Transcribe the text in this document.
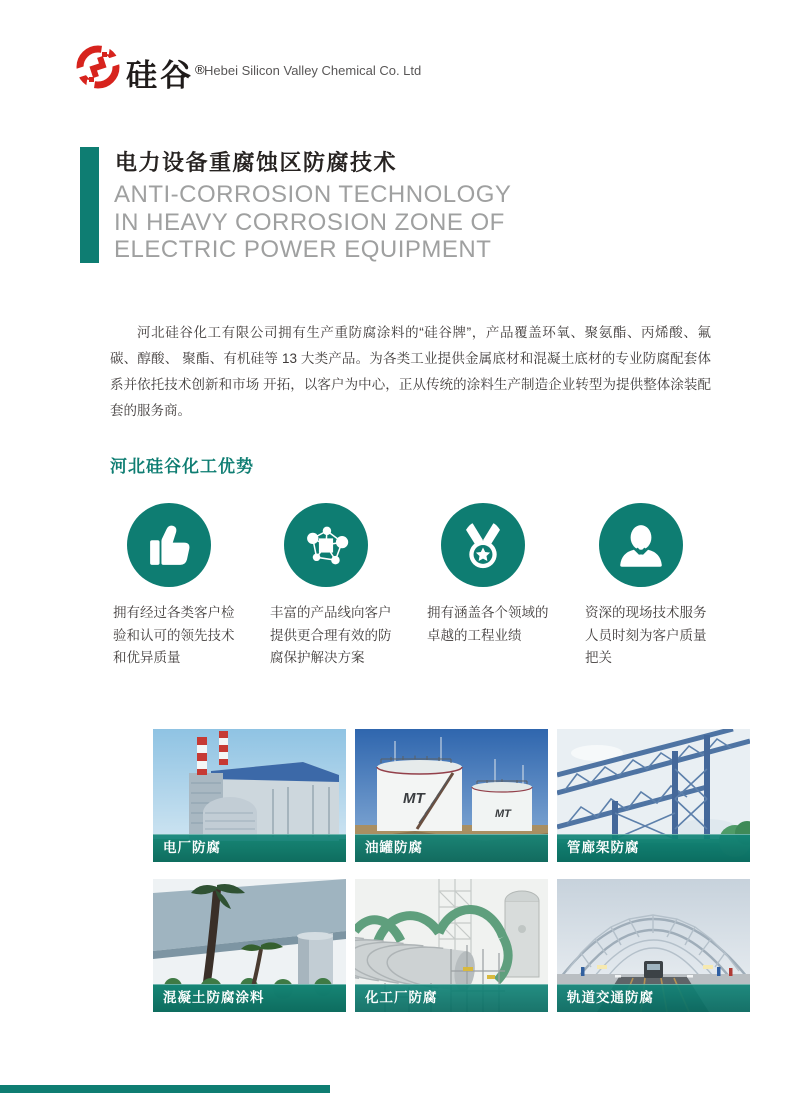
硅谷®
Hebei Silicon Valley Chemical Co. Ltd
电力设备重腐蚀区防腐技术
ANTI-CORROSION TECHNOLOGY
IN HEAVY CORROSION ZONE OF
ELECTRIC POWER EQUIPMENT

河北硅谷化工有限公司拥有生产重防腐涂料的“硅谷牌”，产品覆盖环氧、聚氨酯、丙烯酸、氟碳、醇酸、 聚酯、有机硅等 13 大类产品。为各类工业提供金属底材和混凝土底材的专业防腐配套体系并依托技术创新和市场 开拓，以客户为中心，正从传统的涂料生产制造企业转型为提供整体涂装配套的服务商。

河北硅谷化工优势
拥有经过各类客户检验和认可的领先技术和优异质量
丰富的产品线向客户提供更合理有效的防腐保护解决方案
拥有涵盖各个领域的卓越的工程业绩
资深的现场技术服务人员时刻为客户质量把关
电厂防腐
MT
MT
油罐防腐	管廊架防腐
混凝土防腐涂料	化工厂防腐	轨道交通防腐
